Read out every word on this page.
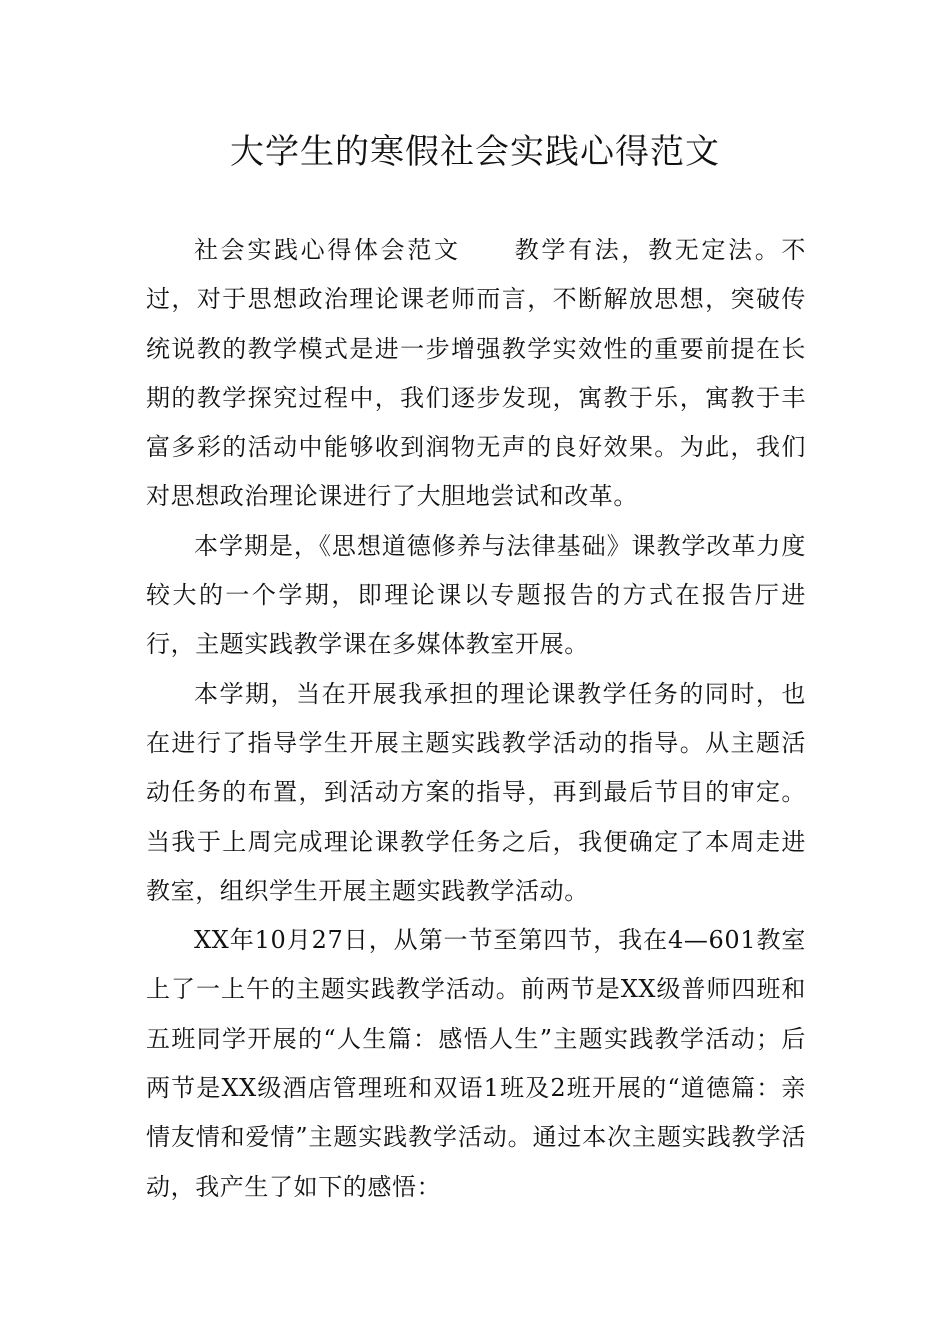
大学生的寒假社会实践心得范文

社会实践心得体会范文 教学有法，教无定法。不过，对于思想政治理论课老师而言，不断解放思想，突破传统说教的教学模式是进一步增强教学实效性的重要前提在长期的教学探究过程中，我们逐步发现，寓教于乐，寓教于丰富多彩的活动中能够收到润物无声的良好效果。为此，我们对思想政治理论课进行了大胆地尝试和改革。

本学期是，《思想道德修养与法律基础》课教学改革力度较大的一个学期，即理论课以专题报告的方式在报告厅进行，主题实践教学课在多媒体教室开展。

本学期，当在开展我承担的理论课教学任务的同时，也在进行了指导学生开展主题实践教学活动的指导。从主题活动任务的布置，到活动方案的指导，再到最后节目的审定。当我于上周完成理论课教学任务之后，我便确定了本周走进教室，组织学生开展主题实践教学活动。

XX年10月27日，从第一节至第四节，我在4—601教室上了一上午的主题实践教学活动。前两节是XX级普师四班和五班同学开展的“人生篇：感悟人生”主题实践教学活动；后两节是XX级酒店管理班和双语1班及2班开展的“道德篇：亲情友情和爱情”主题实践教学活动。通过本次主题实践教学活动，我产生了如下的感悟：
